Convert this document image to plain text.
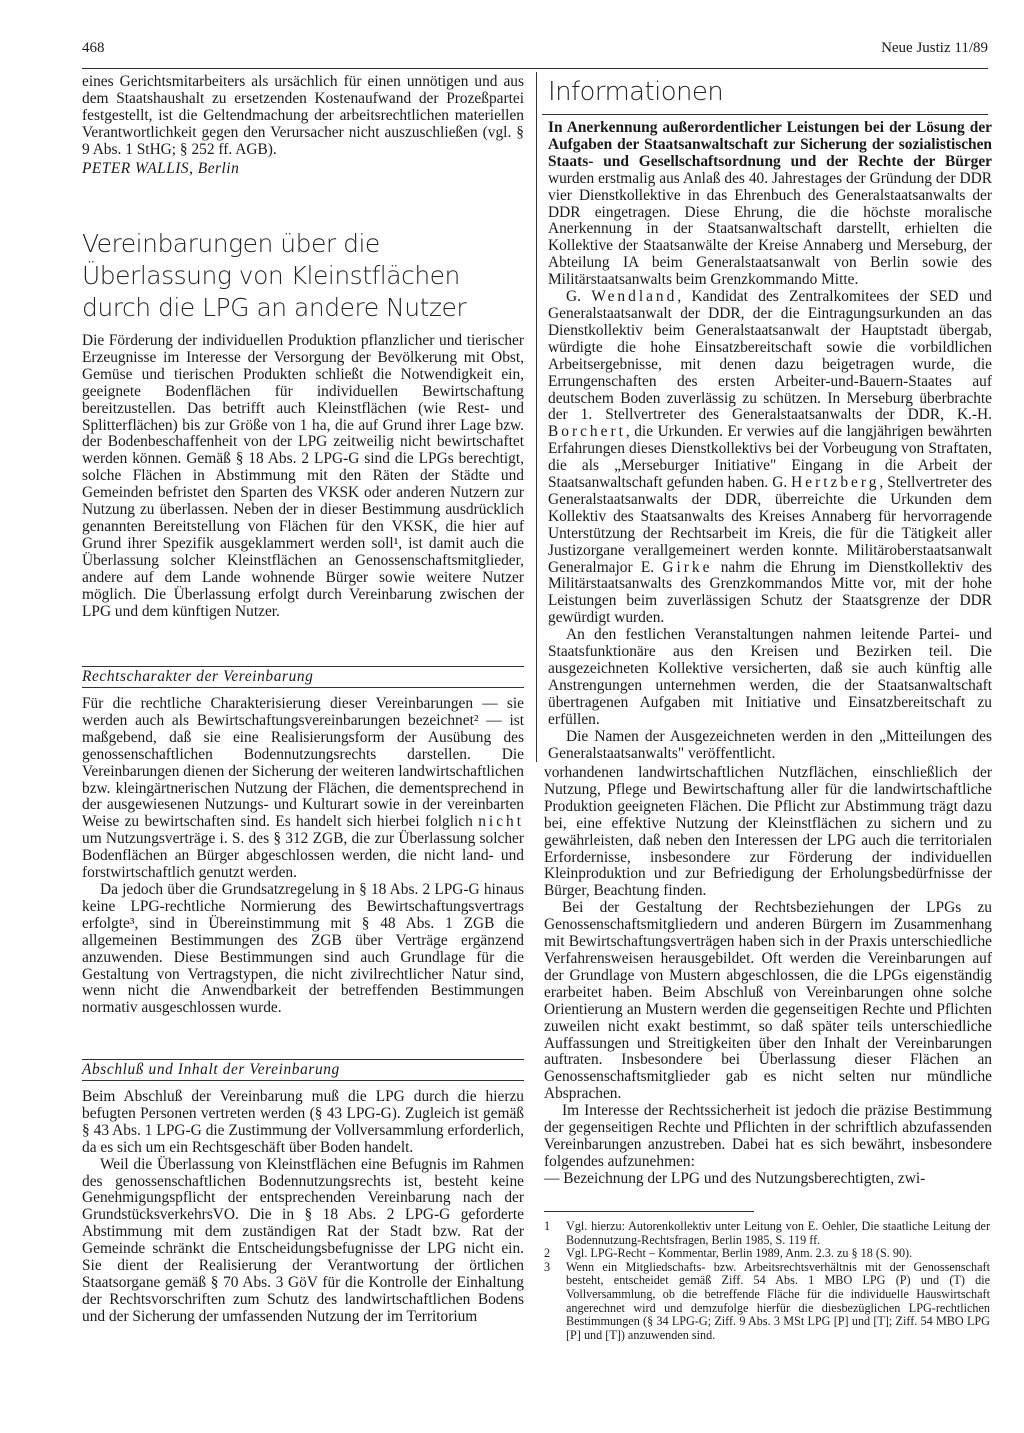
468	Neue Justiz 11/89

eines Gerichtsmitarbeiters als ursächlich für einen unnötigen und aus dem Staatshaushalt zu ersetzenden Kostenaufwand der Prozeßpartei festgestellt, ist die Geltendmachung der arbeitsrechtlichen materiellen Verantwortlichkeit gegen den Verursacher nicht auszuschließen (vgl. § 9 Abs. 1 StHG; § 252 ff. AGB).

PETER WALLIS, Berlin

Vereinbarungen über die Überlassung von Kleinstflächen durch die LPG an andere Nutzer

Die Förderung der individuellen Produktion pflanzlicher und tierischer Erzeugnisse im Interesse der Versorgung der Bevölkerung mit Obst, Gemüse und tierischen Produkten schließt die Notwendigkeit ein, geeignete Bodenflächen für individuellen Bewirtschaftung bereitzustellen. Das betrifft auch Kleinstflächen (wie Rest- und Splitterflächen) bis zur Größe von 1 ha, die auf Grund ihrer Lage bzw. der Bodenbeschaffenheit von der LPG zeitweilig nicht bewirtschaftet werden können. Gemäß § 18 Abs. 2 LPG-G sind die LPGs berechtigt, solche Flächen in Abstimmung mit den Räten der Städte und Gemeinden befristet den Sparten des VKSK oder anderen Nutzern zur Nutzung zu überlassen. Neben der in dieser Bestimmung ausdrücklich genannten Bereitstellung von Flächen für den VKSK, die hier auf Grund ihrer Spezifik ausgeklammert werden soll¹, ist damit auch die Überlassung solcher Kleinstflächen an Genossenschaftsmitglieder, andere auf dem Lande wohnende Bürger sowie weitere Nutzer möglich. Die Überlassung erfolgt durch Vereinbarung zwischen der LPG und dem künftigen Nutzer.

Rechtscharakter der Vereinbarung

Für die rechtliche Charakterisierung dieser Vereinbarungen — sie werden auch als Bewirtschaftungsvereinbarungen bezeichnet² — ist maßgebend, daß sie eine Realisierungsform der Ausübung des genossenschaftlichen Bodennutzungsrechts darstellen. Die Vereinbarungen dienen der Sicherung der weiteren landwirtschaftlichen bzw. kleingärtnerischen Nutzung der Flächen, die dementsprechend in der ausgewiesenen Nutzungs- und Kulturart sowie in der vereinbarten Weise zu bewirtschaften sind. Es handelt sich hierbei folglich nicht um Nutzungsverträge i. S. des § 312 ZGB, die zur Überlassung solcher Bodenflächen an Bürger abgeschlossen werden, die nicht land- und forstwirtschaftlich genutzt werden.

Da jedoch über die Grundsatzregelung in § 18 Abs. 2 LPG-G hinaus keine LPG-rechtliche Normierung des Bewirtschaftungsvertrags erfolgte³, sind in Übereinstimmung mit § 48 Abs. 1 ZGB die allgemeinen Bestimmungen des ZGB über Verträge ergänzend anzuwenden. Diese Bestimmungen sind auch Grundlage für die Gestaltung von Vertragstypen, die nicht zivilrechtlicher Natur sind, wenn nicht die Anwendbarkeit der betreffenden Bestimmungen normativ ausgeschlossen wurde.

Abschluß und Inhalt der Vereinbarung

Beim Abschluß der Vereinbarung muß die LPG durch die hierzu befugten Personen vertreten werden (§ 43 LPG-G). Zugleich ist gemäß § 43 Abs. 1 LPG-G die Zustimmung der Vollversammlung erforderlich, da es sich um ein Rechtsgeschäft über Boden handelt.

Weil die Überlassung von Kleinstflächen eine Befugnis im Rahmen des genossenschaftlichen Bodennutzungsrechts ist, besteht keine Genehmigungspflicht der entsprechenden Vereinbarung nach der GrundstücksverkehrsVO. Die in § 18 Abs. 2 LPG-G geforderte Abstimmung mit dem zuständigen Rat der Stadt bzw. Rat der Gemeinde schränkt die Entscheidungsbefugnisse der LPG nicht ein. Sie dient der Realisierung der Verantwortung der örtlichen Staatsorgane gemäß § 70 Abs. 3 GöV für die Kontrolle der Einhaltung der Rechtsvorschriften zum Schutz des landwirtschaftlichen Bodens und der Sicherung der umfassenden Nutzung der im Territorium

Informationen

In Anerkennung außerordentlicher Leistungen bei der Lösung der Aufgaben der Staatsanwaltschaft zur Sicherung der sozialistischen Staats- und Gesellschaftsordnung und der Rechte der Bürger wurden erstmalig aus Anlaß des 40. Jahrestages der Gründung der DDR vier Dienstkollektive in das Ehrenbuch des Generalstaatsanwalts der DDR eingetragen. Diese Ehrung, die die höchste moralische Anerkennung in der Staatsanwaltschaft darstellt, erhielten die Kollektive der Staatsanwälte der Kreise Annaberg und Merseburg, der Abteilung IA beim Generalstaatsanwalt von Berlin sowie des Militärstaatsanwalts beim Grenzkommando Mitte.

G. Wendland, Kandidat des Zentralkomitees der SED und Generalstaatsanwalt der DDR, der die Eintragungsurkunden an das Dienstkollektiv beim Generalstaatsanwalt der Hauptstadt übergab, würdigte die hohe Einsatzbereitschaft sowie die vorbildlichen Arbeitsergebnisse, mit denen dazu beigetragen wurde, die Errungenschaften des ersten Arbeiter-und-Bauern-Staates auf deutschem Boden zuverlässig zu schützen. In Merseburg überbrachte der 1. Stellvertreter des Generalstaatsanwalts der DDR, K.-H. Borchert, die Urkunden. Er verwies auf die langjährigen bewährten Erfahrungen dieses Dienstkollektivs bei der Vorbeugung von Straftaten, die als „Merseburger Initiative" Eingang in die Arbeit der Staatsanwaltschaft gefunden haben. G. Hertzberg, Stellvertreter des Generalstaatsanwalts der DDR, überreichte die Urkunden dem Kollektiv des Staatsanwalts des Kreises Annaberg für hervorragende Unterstützung der Rechtsarbeit im Kreis, die für die Tätigkeit aller Justizorgane verallgemeinert werden konnte. Militäroberstaatsanwalt Generalmajor E. Girke nahm die Ehrung im Dienstkollektiv des Militärstaatsanwalts des Grenzkommandos Mitte vor, mit der hohe Leistungen beim zuverlässigen Schutz der Staatsgrenze der DDR gewürdigt wurden.

An den festlichen Veranstaltungen nahmen leitende Partei- und Staatsfunktionäre aus den Kreisen und Bezirken teil. Die ausgezeichneten Kollektive versicherten, daß sie auch künftig alle Anstrengungen unternehmen werden, die der Staatsanwaltschaft übertragenen Aufgaben mit Initiative und Einsatzbereitschaft zu erfüllen.

Die Namen der Ausgezeichneten werden in den „Mitteilungen des Generalstaatsanwalts" veröffentlicht.

vorhandenen landwirtschaftlichen Nutzflächen, einschließlich der Nutzung, Pflege und Bewirtschaftung aller für die landwirtschaftliche Produktion geeigneten Flächen. Die Pflicht zur Abstimmung trägt dazu bei, eine effektive Nutzung der Kleinstflächen zu sichern und zu gewährleisten, daß neben den Interessen der LPG auch die territorialen Erfordernisse, insbesondere zur Förderung der individuellen Kleinproduktion und zur Befriedigung der Erholungsbedürfnisse der Bürger, Beachtung finden.

Bei der Gestaltung der Rechtsbeziehungen der LPGs zu Genossenschaftsmitgliedern und anderen Bürgern im Zusammenhang mit Bewirtschaftungsverträgen haben sich in der Praxis unterschiedliche Verfahrensweisen herausgebildet. Oft werden die Vereinbarungen auf der Grundlage von Mustern abgeschlossen, die die LPGs eigenständig erarbeitet haben. Beim Abschluß von Vereinbarungen ohne solche Orientierung an Mustern werden die gegenseitigen Rechte und Pflichten zuweilen nicht exakt bestimmt, so daß später teils unterschiedliche Auffassungen und Streitigkeiten über den Inhalt der Vereinbarungen auftraten. Insbesondere bei Überlassung dieser Flächen an Genossenschaftsmitglieder gab es nicht selten nur mündliche Absprachen.

Im Interesse der Rechtssicherheit ist jedoch die präzise Bestimmung der gegenseitigen Rechte und Pflichten in der schriftlich abzufassenden Vereinbarungen anzustreben. Dabei hat es sich bewährt, insbesondere folgendes aufzunehmen:

— Bezeichnung der LPG und des Nutzungsberechtigten, zwi-

1	Vgl. hierzu: Autorenkollektiv unter Leitung von E. Oehler, Die staatliche Leitung der Bodennutzung-Rechtsfragen, Berlin 1985, S. 119 ff.
2	Vgl. LPG-Recht – Kommentar, Berlin 1989, Anm. 2.3. zu § 18 (S. 90).
3	Wenn ein Mitgliedschafts- bzw. Arbeitsrechtsverhältnis mit der Genossenschaft besteht, entscheidet gemäß Ziff. 54 Abs. 1 MBO LPG (P) und (T) die Vollversammlung, ob die betreffende Fläche für die individuelle Hauswirtschaft angerechnet wird und demzufolge hierfür die diesbezüglichen LPG-rechtlichen Bestimmungen (§ 34 LPG-G; Ziff. 9 Abs. 3 MSt LPG [P] und [T]; Ziff. 54 MBO LPG [P] und [T]) anzuwenden sind.
